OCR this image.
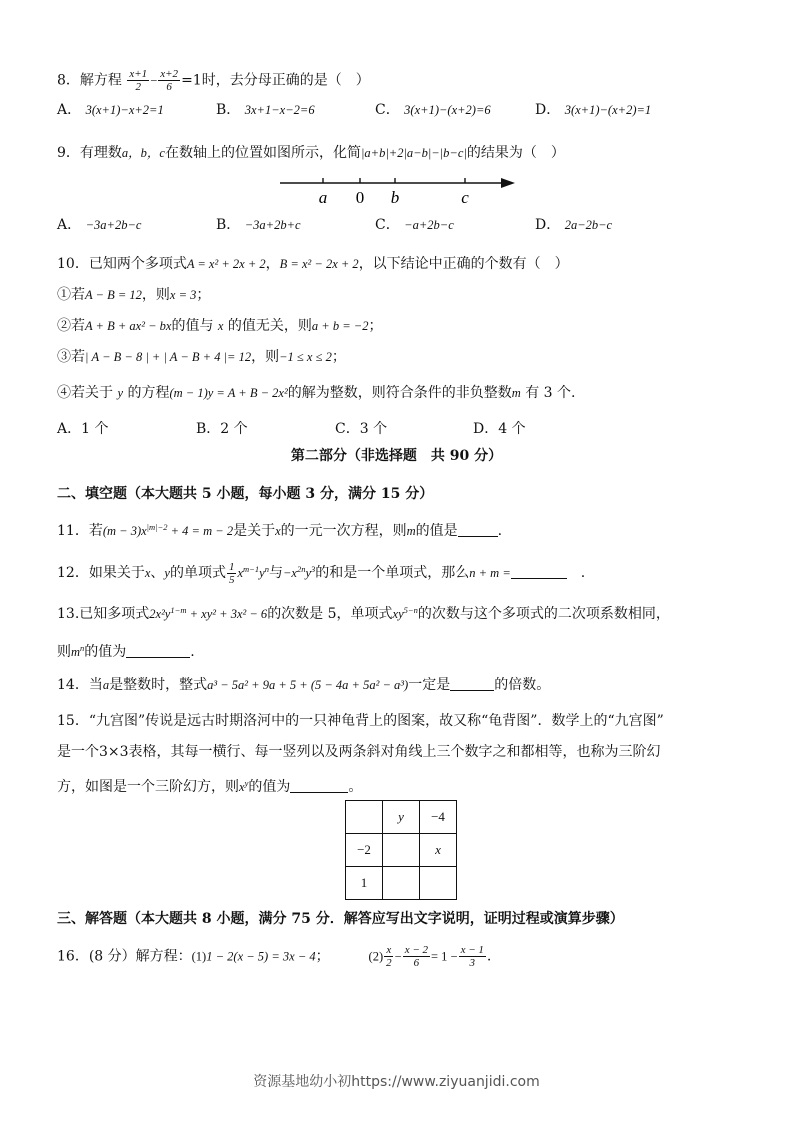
8．解方程 $\frac{x+1}{2} - \frac{x+2}{6} =1$时，去分母正确的是（　）
A． 3(x+1)−x+2=1	B． 3x+1−x−2=6	C． 3(x+1)−(x+2)=6	D． 3(x+1)−(x+2)=1
9．有理数a，b，c在数轴上的位置如图所示，化简|a+b|+2|a−b|−|b−c|的结果为（　）
a 0 b	c
A． −3a+2b−c	B． −3a+2b+c	C． −a+2b−c	D． 2a−2b−c
10．已知两个多项式A = x² + 2x + 2，B = x² − 2x + 2，以下结论中正确的个数有（　）
①若A − B = 12，则x = 3；
②若A + B + ax² − bx的值与 x 的值无关，则a + b = −2；
③若| A − B − 8 | + | A − B + 4 |= 12，则−1 ≤ x ≤ 2；
④若关于 y 的方程(m − 1)y = A + B − 2x²的解为整数，则符合条件的非负整数m 有 3 个.
A．1 个	B．2 个	C．3 个	D．4 个
第二部分（非选择题　共 90 分）
二、填空题（本大题共 5 小题，每小题 3 分，满分 15 分）
11．若$(m - 3)x^{|m|-2} + 4 = m - 2$是关于x的一元一次方程，则m的值是	.
12．如果关于x、y的单项式 $\frac{1}{5} x^{m-1}y^n$与$-x^{2n}y^3$的和是一个单项式，那么n + m =　	.
13.已知多项式$2x^2y^{1-m} + xy^2 + 3x^2 - 6$的次数是 5，单项式$xy^{5-n}$的次数与这个多项式的二次项系数相同，
则$m^n$的值为	.
14．当a是整数时，整式a³ − 5a² + 9a + 5 + (5 − 4a + 5a² − a³)一定是	的倍数。
15．“九宫图”传说是远古时期洛河中的一只神龟背上的图案，故又称“龟背图”．数学上的“九宫图”
是一个3×3表格，其每一横行、每一竖列以及两条斜对角线上三个数字之和都相等，也称为三阶幻
方，如图是一个三阶幻方，则$x^y$的值为	。
	y	−4
−2		x
1		
三、解答题（本大题共 8 小题，满分 75 分．解答应写出文字说明，证明过程或演算步骤）
16．(8 分）解方程：(1)1 − 2(x − 5) = 3x − 4；	$(2) \frac{x}{2} - \frac{x - 2}{6} = 1 - \frac{x - 1}{3}$ .
资源基地幼小初https://www.ziyuanjidi.com
